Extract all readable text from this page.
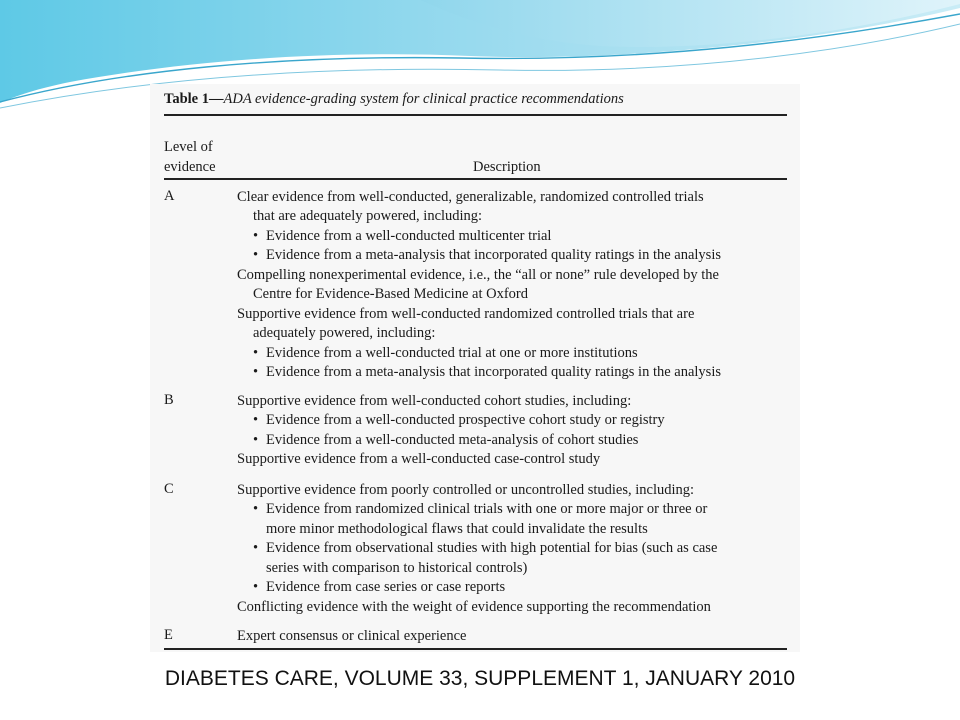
Table 1—ADA evidence-grading system for clinical practice recommendations
Level of evidence	Description
A	Clear evidence from well-conducted, generalizable, randomized controlled trials
that are adequately powered, including:
• Evidence from a well-conducted multicenter trial
• Evidence from a meta-analysis that incorporated quality ratings in the analysis
Compelling nonexperimental evidence, i.e., the “all or none” rule developed by the
Centre for Evidence-Based Medicine at Oxford
Supportive evidence from well-conducted randomized controlled trials that are
adequately powered, including:
• Evidence from a well-conducted trial at one or more institutions
• Evidence from a meta-analysis that incorporated quality ratings in the analysis
B	Supportive evidence from well-conducted cohort studies, including:
• Evidence from a well-conducted prospective cohort study or registry
• Evidence from a well-conducted meta-analysis of cohort studies
Supportive evidence from a well-conducted case-control study
C	Supportive evidence from poorly controlled or uncontrolled studies, including:
• Evidence from randomized clinical trials with one or more major or three or
more minor methodological flaws that could invalidate the results
• Evidence from observational studies with high potential for bias (such as case
series with comparison to historical controls)
• Evidence from case series or case reports
Conflicting evidence with the weight of evidence supporting the recommendation
E	Expert consensus or clinical experience

DIABETES CARE, VOLUME 33, SUPPLEMENT 1, JANUARY 2010
